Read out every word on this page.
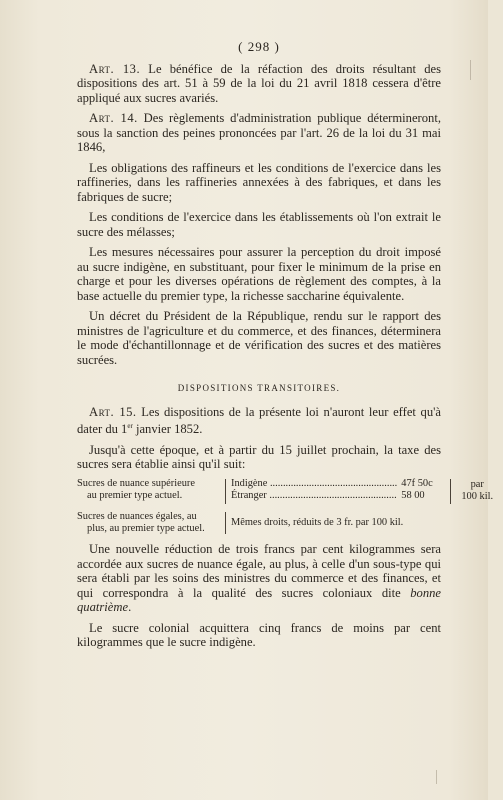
( 298 )

Art. 13. Le bénéfice de la réfaction des droits résultant des dispositions des art. 51 à 59 de la loi du 21 avril 1818 cessera d'être appliqué aux sucres avariés.

Art. 14. Des règlements d'administration publique détermineront, sous la sanction des peines prononcées par l'art. 26 de la loi du 31 mai 1846,

Les obligations des raffineurs et les conditions de l'exercice dans les raffineries, dans les raffineries annexées à des fabriques, et dans les fabriques de sucre;

Les conditions de l'exercice dans les établissements où l'on extrait le sucre des mélasses;

Les mesures nécessaires pour assurer la perception du droit imposé au sucre indigène, en substituant, pour fixer le minimum de la prise en charge et pour les diverses opérations de règlement des comptes, à la base actuelle du premier type, la richesse saccharine équivalente.

Un décret du Président de la République, rendu sur le rapport des ministres de l'agriculture et du commerce, et des finances, déterminera le mode d'échantillonnage et de vérification des sucres et des matières sucrées.

DISPOSITIONS TRANSITOIRES.

Art. 15. Les dispositions de la présente loi n'auront leur effet qu'à dater du 1er janvier 1852.

Jusqu'à cette époque, et à partir du 15 juillet prochain, la taxe des sucres sera établie ainsi qu'il suit:

Sucres de nuance supérieure
au premier type actuel.
Indigène .....	47f 50c
Étranger .....	58 00
par
100 kil.
Sucres de nuances égales, au
plus, au premier type actuel.
Mêmes droits, réduits de 3 fr. par 100 kil.

Une nouvelle réduction de trois francs par cent kilogrammes sera accordée aux sucres de nuance égale, au plus, à celle d'un sous-type qui sera établi par les soins des ministres du commerce et des finances, et qui correspondra à la qualité des sucres coloniaux dite bonne quatrième.

Le sucre colonial acquittera cinq francs de moins par cent kilogrammes que le sucre indigène.
